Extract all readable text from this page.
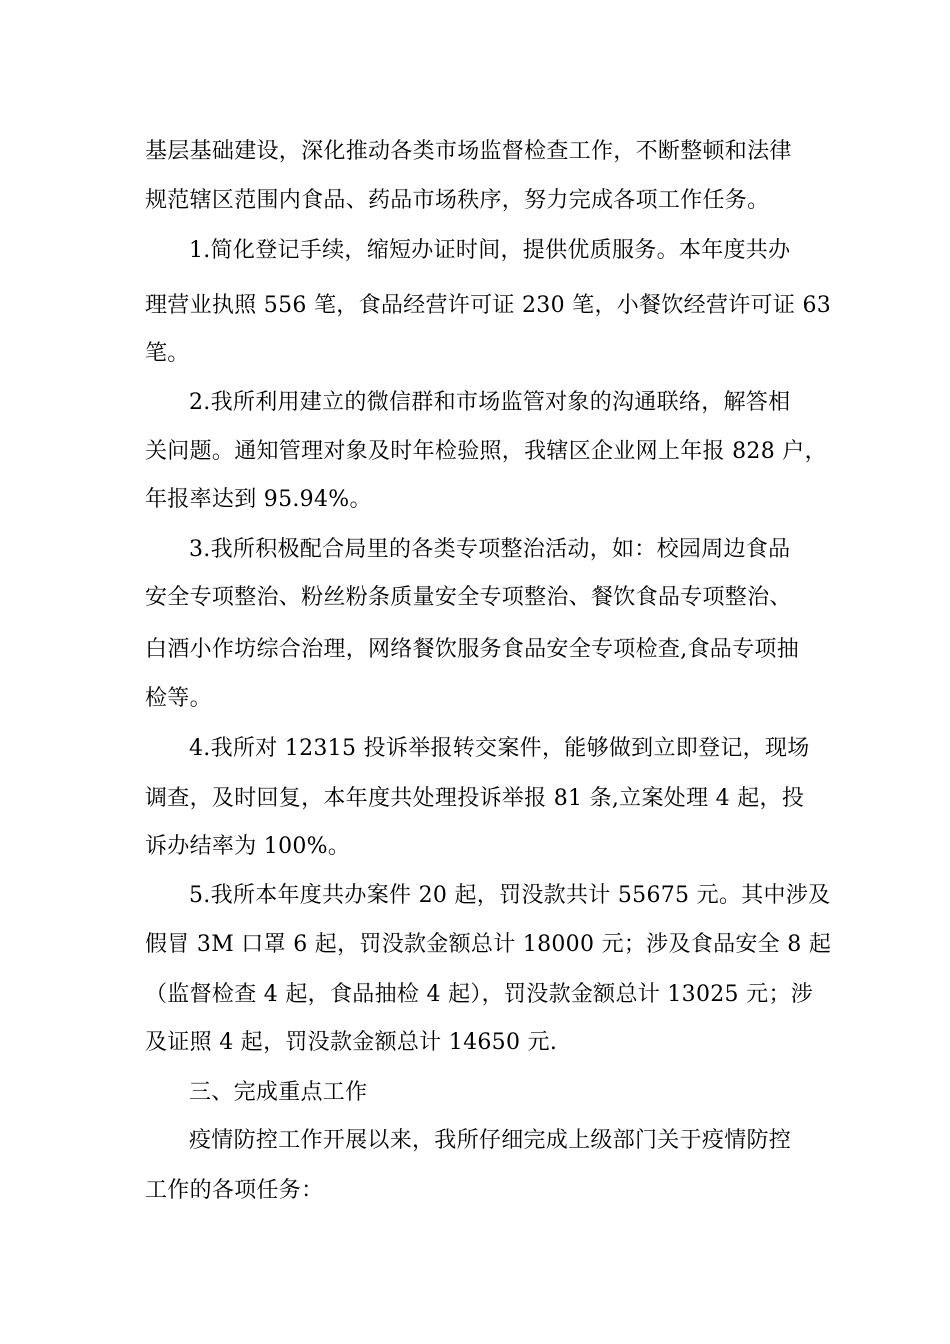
基层基础建设，深化推动各类市场监督检查工作，不断整顿和法律
规范辖区范围内食品、药品市场秩序，努力完成各项工作任务。
1.简化登记手续，缩短办证时间，提供优质服务。本年度共办
理营业执照 556 笔，食品经营许可证 230 笔，小餐饮经营许可证 63
笔。
2.我所利用建立的微信群和市场监管对象的沟通联络，解答相
关问题。通知管理对象及时年检验照，我辖区企业网上年报 828 户，
年报率达到 95.94%。
3.我所积极配合局里的各类专项整治活动，如：校园周边食品
安全专项整治、粉丝粉条质量安全专项整治、餐饮食品专项整治、
白酒小作坊综合治理，网络餐饮服务食品安全专项检查,食品专项抽
检等。
4.我所对 12315 投诉举报转交案件，能够做到立即登记，现场
调查，及时回复，本年度共处理投诉举报 81 条,立案处理 4 起，投
诉办结率为 100%。
5.我所本年度共办案件 20 起，罚没款共计 55675 元。其中涉及
假冒 3M 口罩 6 起，罚没款金额总计 18000 元；涉及食品安全 8 起
（监督检查 4 起，食品抽检 4 起），罚没款金额总计 13025 元；涉
及证照 4 起，罚没款金额总计 14650 元.
三、完成重点工作
疫情防控工作开展以来，我所仔细完成上级部门关于疫情防控
工作的各项任务：
